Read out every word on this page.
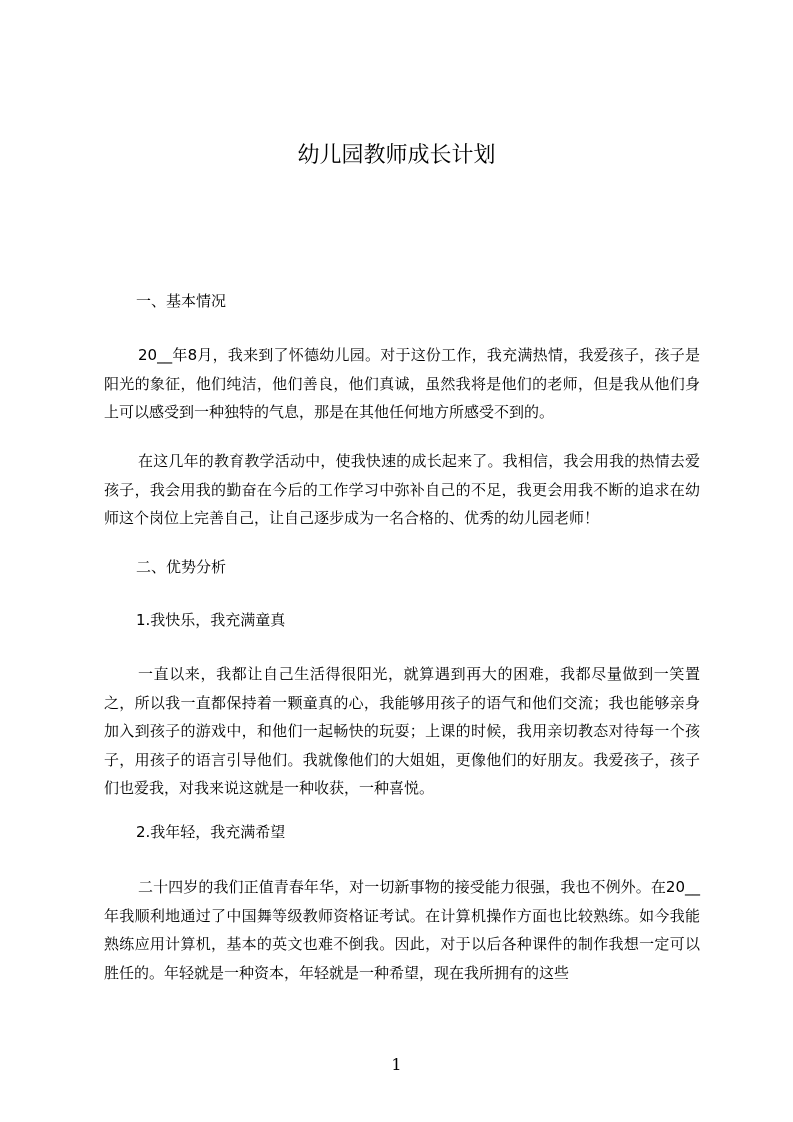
幼儿园教师成长计划
一、基本情况

20__年8月，我来到了怀德幼儿园。对于这份工作，我充满热情，我爱孩子，孩子是阳光的象征，他们纯洁，他们善良，他们真诚，虽然我将是他们的老师，但是我从他们身上可以感受到一种独特的气息，那是在其他任何地方所感受不到的。

在这几年的教育教学活动中，使我快速的成长起来了。我相信，我会用我的热情去爱孩子，我会用我的勤奋在今后的工作学习中弥补自己的不足，我更会用我不断的追求在幼师这个岗位上完善自己，让自己逐步成为一名合格的、优秀的幼儿园老师！

二、优势分析
1.我快乐，我充满童真

一直以来，我都让自己生活得很阳光，就算遇到再大的困难，我都尽量做到一笑置之，所以我一直都保持着一颗童真的心，我能够用孩子的语气和他们交流；我也能够亲身加入到孩子的游戏中，和他们一起畅快的玩耍；上课的时候，我用亲切教态对待每一个孩子，用孩子的语言引导他们。我就像他们的大姐姐，更像他们的好朋友。我爱孩子，孩子们也爱我，对我来说这就是一种收获，一种喜悦。

2.我年轻，我充满希望

二十四岁的我们正值青春年华，对一切新事物的接受能力很强，我也不例外。在20__年我顺利地通过了中国舞等级教师资格证考试。在计算机操作方面也比较熟练。如今我能熟练应用计算机，基本的英文也难不倒我。因此，对于以后各种课件的制作我想一定可以胜任的。年轻就是一种资本，年轻就是一种希望，现在我所拥有的这些

1
